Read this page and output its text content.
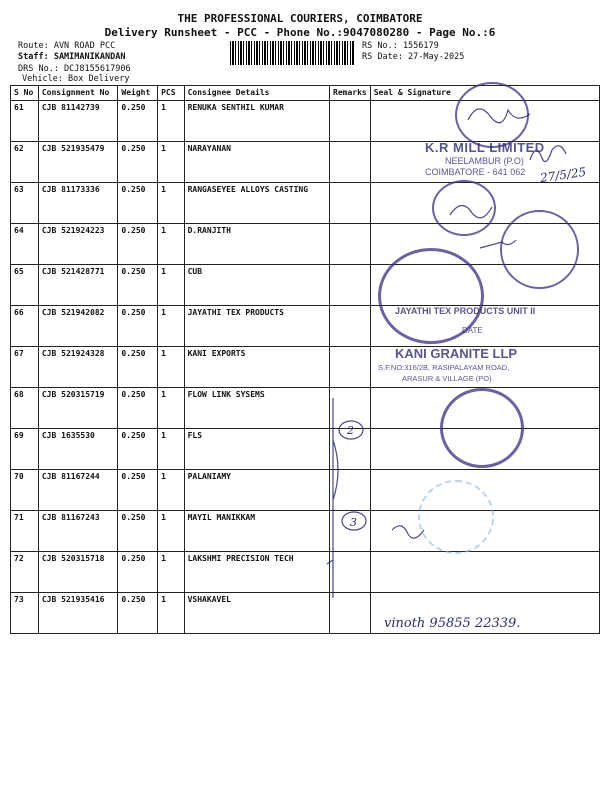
THE PROFESSIONAL COURIERS, COIMBATORE
Delivery Runsheet - PCC - Phone No.:9047080280 - Page No.:6
Route: AVN ROAD PCC
Staff: SAMIMANIKANDAN
DRS No.: DCJ8155617906
Vehicle: Box Delivery
RS No.: 1556179
RS Date: 27-May-2025
S No	Consignment No	Weight	PCS	Consignee Details	Remarks	Seal & Signature
61	CJB 81142739	0.250	1	RENUKA SENTHIL KUMAR		
62	CJB 521935479	0.250	1	NARAYANAN		
63	CJB 81173336	0.250	1	RANGASEYEE ALLOYS CASTING		
64	CJB 521924223	0.250	1	D.RANJITH		
65	CJB 521428771	0.250	1	CUB		
66	CJB 521942082	0.250	1	JAYATHI TEX PRODUCTS		
67	CJB 521924328	0.250	1	KANI EXPORTS		
68	CJB 520315719	0.250	1	FLOW LINK SYSEMS		
69	CJB 1635530	0.250	1	FLS		
70	CJB 81167244	0.250	1	PALANIAMY		
71	CJB 81167243	0.250	1	MAYIL MANIKKAM		
72	CJB 520315718	0.250	1	LAKSHMI PRECISION TECH		
73	CJB 521935416	0.250	1	VSHAKAVEL		
K.R MILL LIMITED
NEELAMBUR (P.O)
COIMBATORE - 641 062 27/5/25
JAYATHI TEX PRODUCTS UNIT II
DATE
KANI GRANITE LLP
S.F.NO:316/2B, RASIPALAYAM ROAD,
ARASUR & VILLAGE (PO)
2
3
vinoth 95855 22339.
